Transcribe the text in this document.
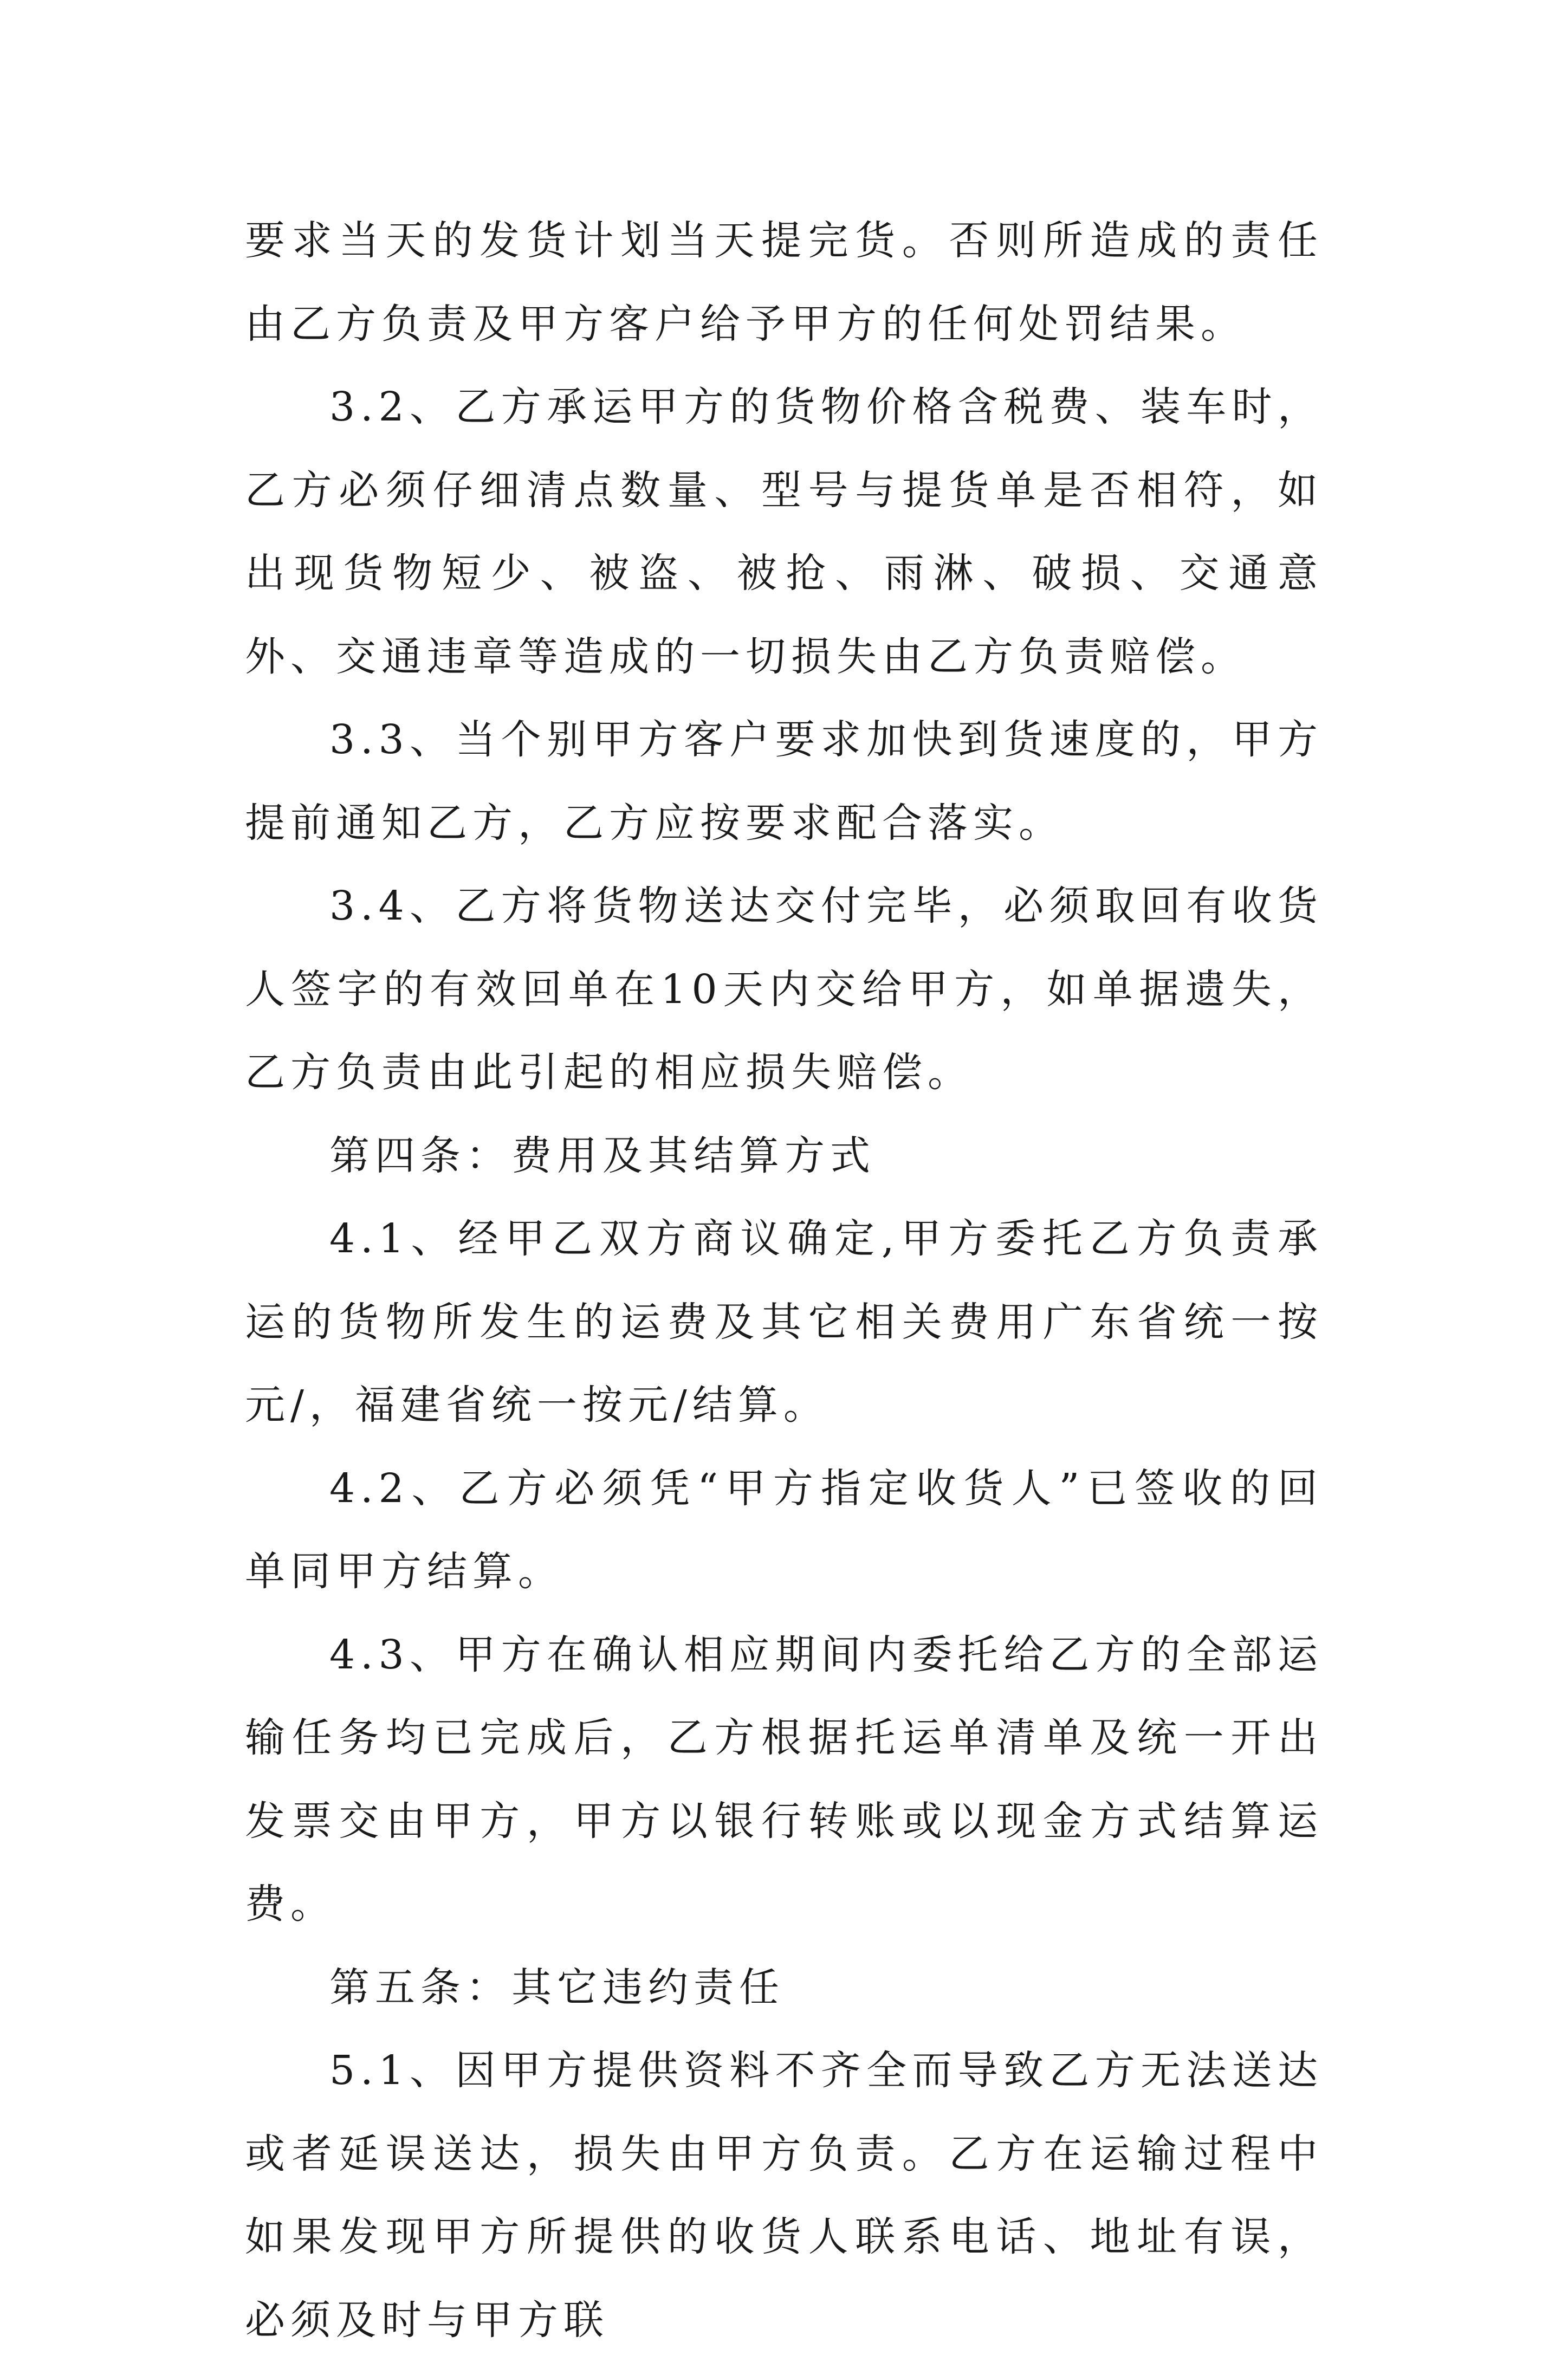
要求当天的发货计划当天提完货。否则所造成的责任由乙方负责及甲方客户给予甲方的任何处罚结果。

3.2、乙方承运甲方的货物价格含税费、装车时，乙方必须仔细清点数量、型号与提货单是否相符，如出现货物短少、被盗、被抢、雨淋、破损、交通意外、交通违章等造成的一切损失由乙方负责赔偿。

3.3、当个别甲方客户要求加快到货速度的，甲方提前通知乙方，乙方应按要求配合落实。

3.4、乙方将货物送达交付完毕，必须取回有收货人签字的有效回单在10天内交给甲方，如单据遗失，乙方负责由此引起的相应损失赔偿。

第四条：费用及其结算方式

4.1、经甲乙双方商议确定,甲方委托乙方负责承运的货物所发生的运费及其它相关费用广东省统一按元/，福建省统一按元/结算。

4.2、乙方必须凭“甲方指定收货人”已签收的回单同甲方结算。

4.3、甲方在确认相应期间内委托给乙方的全部运输任务均已完成后，乙方根据托运单清单及统一开出发票交由甲方，甲方以银行转账或以现金方式结算运费。

第五条：其它违约责任

5.1、因甲方提供资料不齐全而导致乙方无法送达或者延误送达，损失由甲方负责。乙方在运输过程中如果发现甲方所提供的收货人联系电话、地址有误，必须及时与甲方联
